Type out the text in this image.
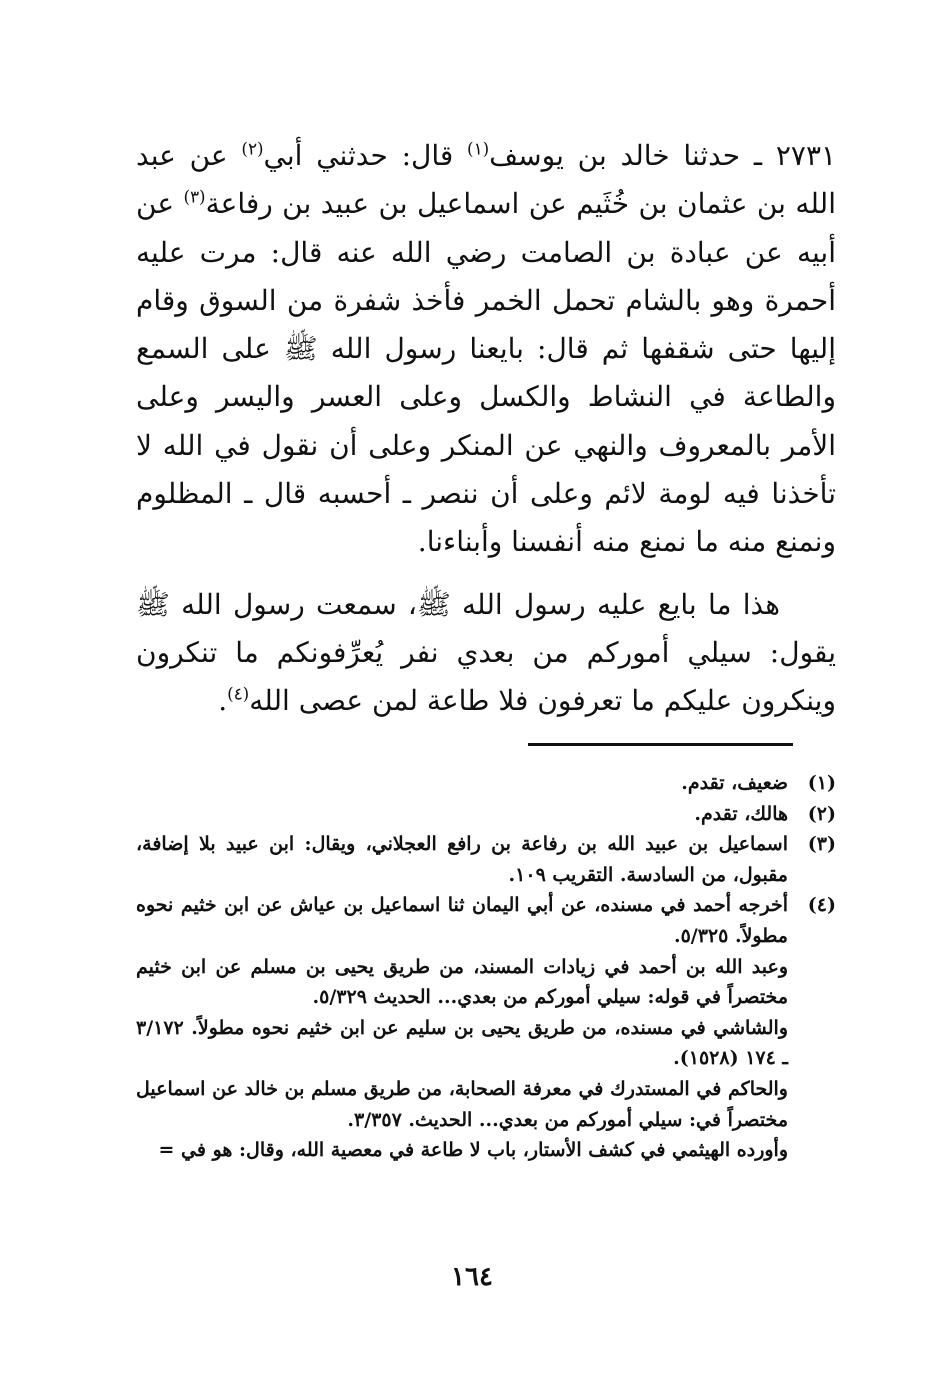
٢٧٣١ ـ حدثنا خالد بن يوسف$^{(١)}$ قال: حدثني أبي$^{(٢)}$ عن عبد الله بن عثمان بن خُثَيم عن اسماعيل بن عبيد بن رفاعة$^{(٣)}$ عن أبيه عن عبادة بن الصامت رضي الله عنه قال: مرت عليه أحمرة وهو بالشام تحمل الخمر فأخذ شفرة من السوق وقام إليها حتى شقفها ثم قال: بايعنا رسول الله ﷺ على السمع والطاعة في النشاط والكسل وعلى العسر واليسر وعلى الأمر بالمعروف والنهي عن المنكر وعلى أن نقول في الله لا تأخذنا فيه لومة لائم وعلى أن ننصر ـ أحسبه قال ـ المظلوم ونمنع منه ما نمنع منه أنفسنا وأبناءنا.

هذا ما بايع عليه رسول الله ﷺ، سمعت رسول الله ﷺ يقول: سيلي أموركم من بعدي نفر يُعرِّفونكم ما تنكرون وينكرون عليكم ما تعرفون فلا طاعة لمن عصى الله$^{(٤)}$.

(١)
ضعيف، تقدم.
(٢)
هالك، تقدم.
(٣)
اسماعيل بن عبيد الله بن رفاعة بن رافع العجلاني، ويقال: ابن عبيد بلا إضافة، مقبول، من السادسة. التقريب ١٠٩.
(٤)
أخرجه أحمد في مسنده، عن أبي اليمان ثنا اسماعيل بن عياش عن ابن خثيم نحوه مطولاً. ٥/٣٢٥.
وعبد الله بن أحمد في زيادات المسند، من طريق يحيى بن مسلم عن ابن خثيم مختصراً في قوله: سيلي أموركم من بعدي... الحديث ٥/٣٢٩.
والشاشي في مسنده، من طريق يحيى بن سليم عن ابن خثيم نحوه مطولاً. ٣/١٧٢ ـ ١٧٤ (١٥٢٨).
والحاكم في المستدرك في معرفة الصحابة، من طريق مسلم بن خالد عن اسماعيل مختصراً في: سيلي أموركم من بعدي... الحديث. ٣/٣٥٧.
وأورده الهيثمي في كشف الأستار، باب لا طاعة في معصية الله، وقال: هو في =
١٦٤
